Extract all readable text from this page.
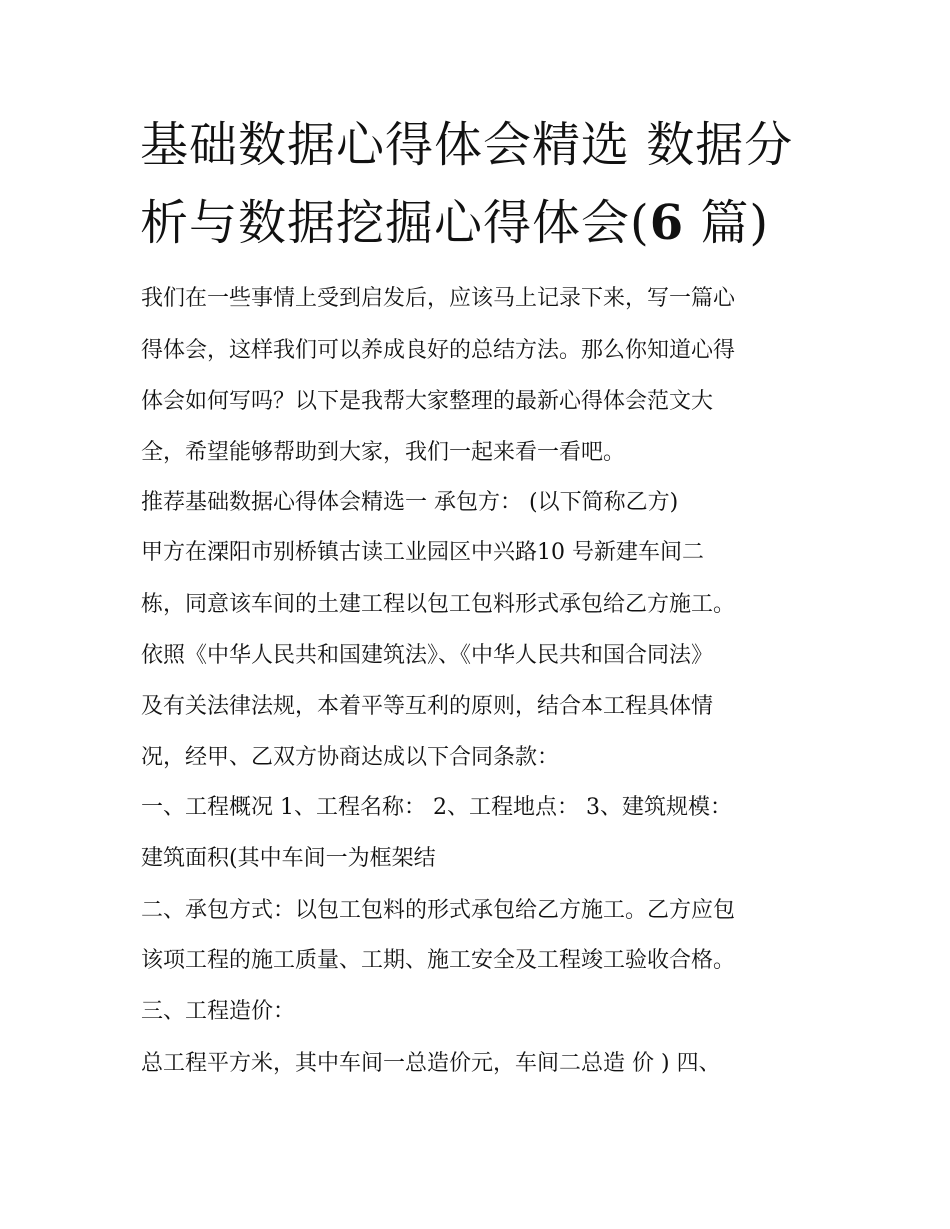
基础数据心得体会精选 数据分析与数据挖掘心得体会(6 篇)

我们在一些事情上受到启发后，应该马上记录下来，写一篇心

得体会，这样我们可以养成良好的总结方法。那么你知道心得

体会如何写吗？以下是我帮大家整理的最新心得体会范文大

全，希望能够帮助到大家，我们一起来看一看吧。

推荐基础数据心得体会精选一 承包方： (以下简称乙方)

甲方在溧阳市别桥镇古读工业园区中兴路10 号新建车间二

栋，同意该车间的土建工程以包工包料形式承包给乙方施工。

依照《中华人民共和国建筑法》、《中华人民共和国合同法》

及有关法律法规，本着平等互利的原则，结合本工程具体情

况，经甲、乙双方协商达成以下合同条款：

一、工程概况 1、工程名称： 2、工程地点： 3、建筑规模：

建筑面积(其中车间一为框架结

二、承包方式：以包工包料的形式承包给乙方施工。乙方应包

该项工程的施工质量、工期、施工安全及工程竣工验收合格。

三、工程造价：

总工程平方米，其中车间一总造价元，车间二总造 价 ) 四、
